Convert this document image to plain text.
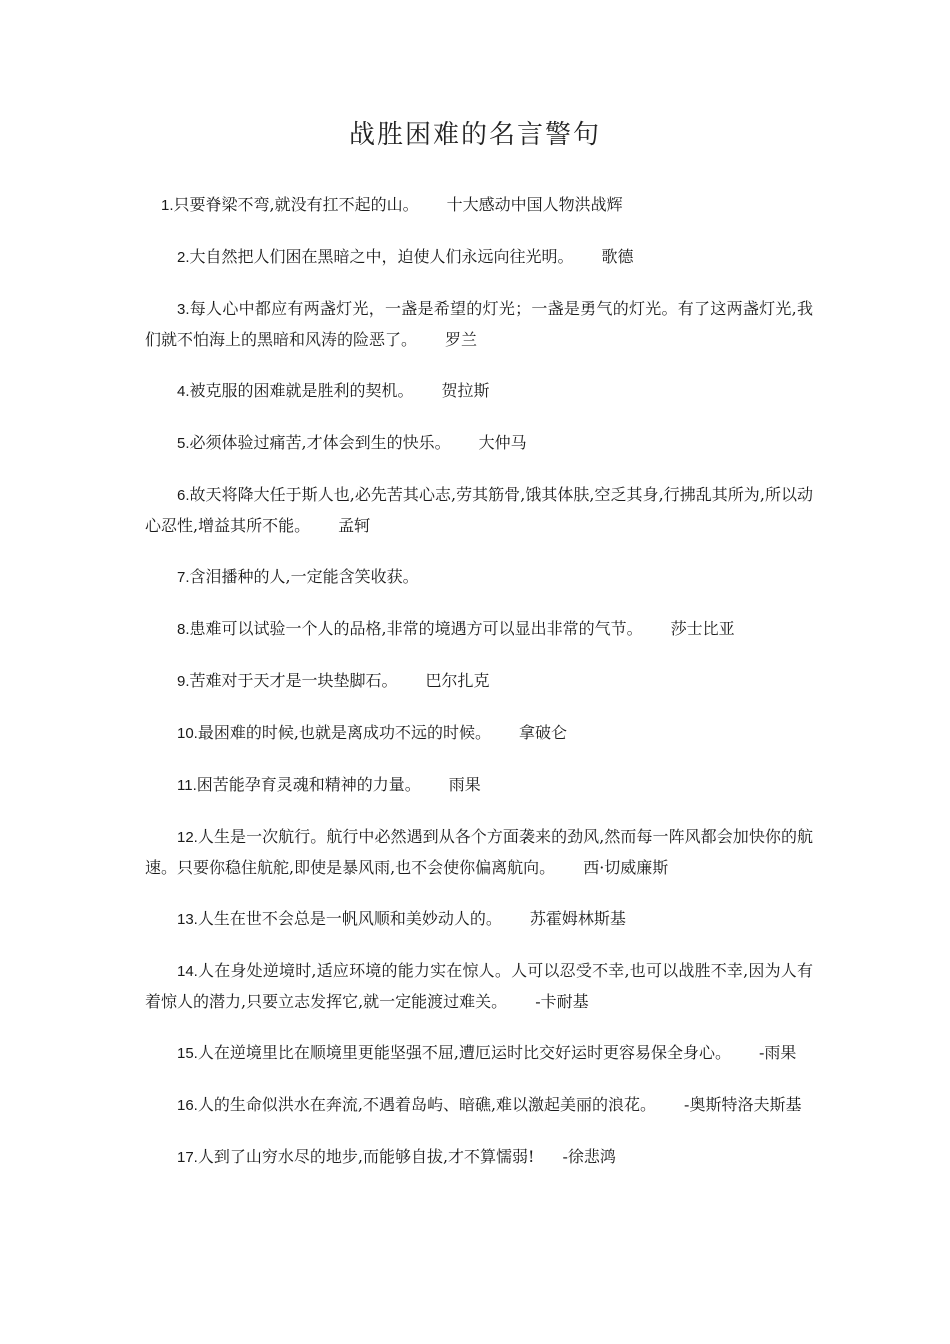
战胜困难的名言警句

1.只要脊梁不弯,就没有扛不起的山。 十大感动中国人物洪战辉

2.大自然把人们困在黑暗之中，迫使人们永远向往光明。 歌德

3.每人心中都应有两盏灯光，一盏是希望的灯光；一盏是勇气的灯光。有了这两盏灯光,我们就不怕海上的黑暗和风涛的险恶了。 罗兰

4.被克服的困难就是胜利的契机。 贺拉斯

5.必须体验过痛苦,才体会到生的快乐。 大仲马

6.故天将降大任于斯人也,必先苦其心志,劳其筋骨,饿其体肤,空乏其身,行拂乱其所为,所以动心忍性,增益其所不能。 孟轲

7.含泪播种的人,一定能含笑收获。

8.患难可以试验一个人的品格,非常的境遇方可以显出非常的气节。 莎士比亚

9.苦难对于天才是一块垫脚石。 巴尔扎克

10.最困难的时候,也就是离成功不远的时候。 拿破仑

11.困苦能孕育灵魂和精神的力量。 雨果

12.人生是一次航行。航行中必然遇到从各个方面袭来的劲风,然而每一阵风都会加快你的航速。只要你稳住航舵,即使是暴风雨,也不会使你偏离航向。 西·切威廉斯

13.人生在世不会总是一帆风顺和美妙动人的。 苏霍姆林斯基

14.人在身处逆境时,适应环境的能力实在惊人。人可以忍受不幸,也可以战胜不幸,因为人有着惊人的潜力,只要立志发挥它,就一定能渡过难关。 -卡耐基

15.人在逆境里比在顺境里更能坚强不屈,遭厄运时比交好运时更容易保全身心。 -雨果

16.人的生命似洪水在奔流,不遇着岛屿、暗礁,难以激起美丽的浪花。 -奥斯特洛夫斯基

17.人到了山穷水尽的地步,而能够自拔,才不算懦弱! -徐悲鸿
